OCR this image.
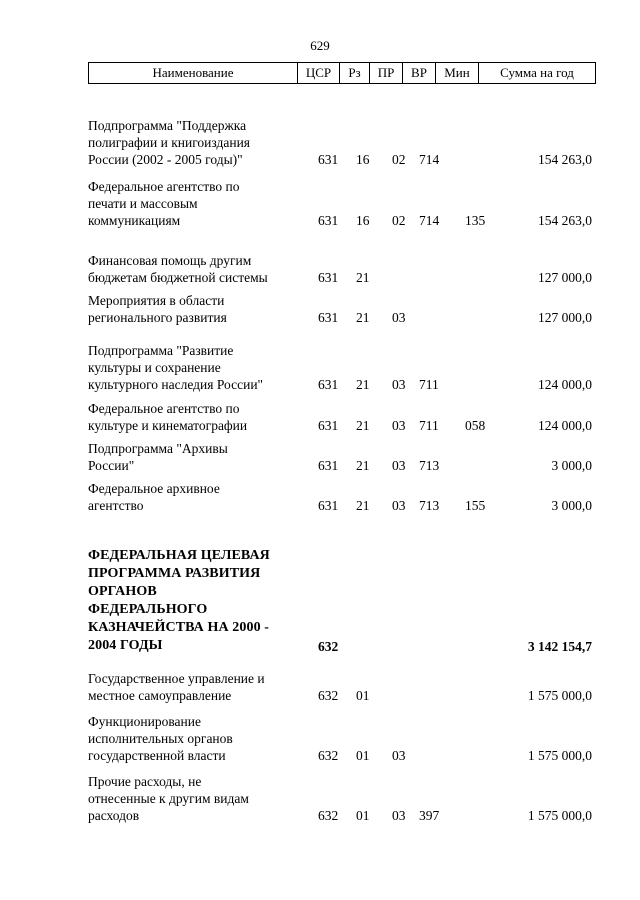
629
Наименование	ЦСР	Рз	ПР	ВР	Мин	Сумма на год
Подпрограмма "Поддержка
полиграфии и книгоиздания
России (2002 - 2005 годы)"	631 16 02 714	154 263,0
Федеральное агентство по
печати и массовым
коммуникациям	631 16 02 714 135	154 263,0
Финансовая помощь другим
бюджетам бюджетной системы	631 21	127 000,0
Мероприятия в области
регионального развития	631 21 03	127 000,0
Подпрограмма "Развитие
культуры и сохранение
культурного наследия России"	631 21 03 711	124 000,0
Федеральное агентство по
культуре и кинематографии	631 21 03 711 058	124 000,0
Подпрограмма "Архивы
России"	631 21 03 713	3 000,0
Федеральное архивное
агентство	631 21 03 713 155	3 000,0
ФЕДЕРАЛЬНАЯ ЦЕЛЕВАЯ
ПРОГРАММА РАЗВИТИЯ
ОРГАНОВ
ФЕДЕРАЛЬНОГО
КАЗНАЧЕЙСТВА НА 2000 -
2004 ГОДЫ	632	3 142 154,7
Государственное управление и
местное самоуправление	632 01	1 575 000,0
Функционирование
исполнительных органов
государственной власти	632 01 03	1 575 000,0
Прочие расходы, не
отнесенные к другим видам
расходов	632 01 03 397	1 575 000,0
